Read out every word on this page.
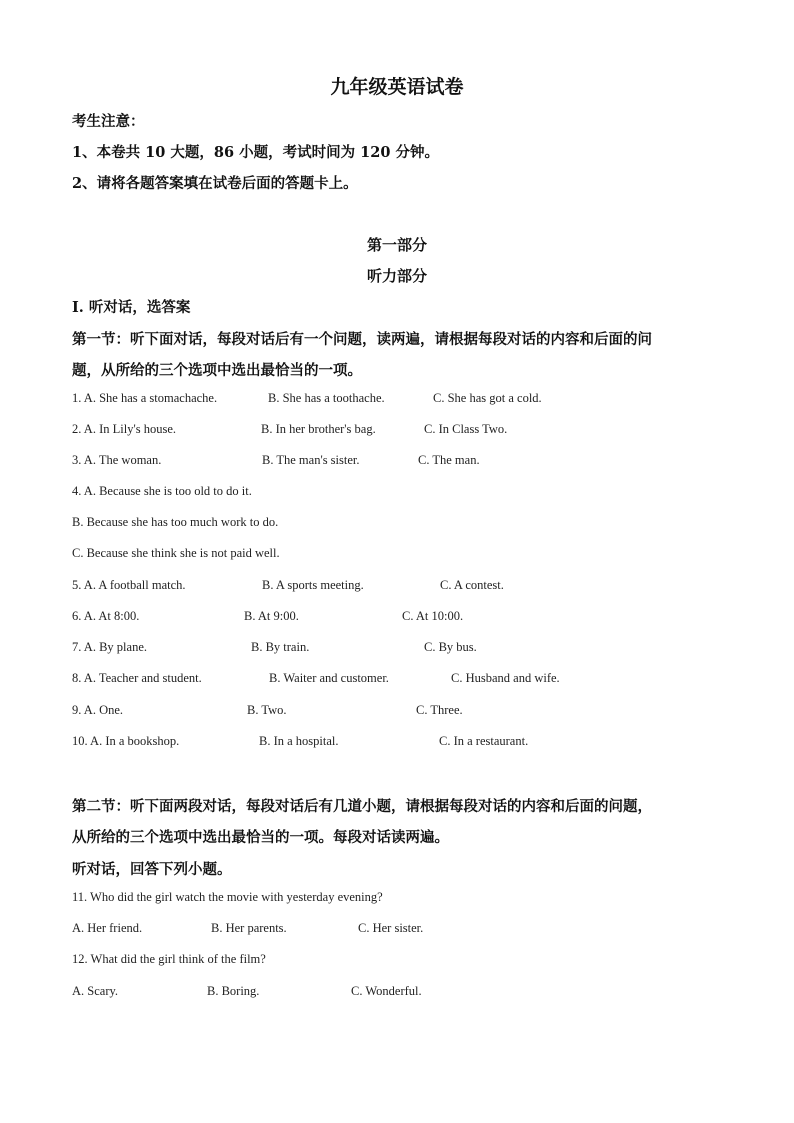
九年级英语试卷
考生注意：
1、本卷共 10 大题，86 小题，考试时间为 120 分钟。
2、请将各题答案填在试卷后面的答题卡上。
第一部分
听力部分
I. 听对话，选答案
第一节：听下面对话，每段对话后有一个问题，读两遍，请根据每段对话的内容和后面的问
题，从所给的三个选项中选出最恰当的一项。
1. A. She has a stomachache.	B. She has a toothache.	C. She has got a cold.
2. A. In Lily's house.	B. In her brother's bag.	C. In Class Two.
3. A. The woman.	B. The man's sister.	C. The man.
4. A. Because she is too old to do it.
B. Because she has too much work to do.
C. Because she think she is not paid well.
5. A. A football match.	B. A sports meeting.	C. A contest.
6. A. At 8:00.	B. At 9:00.	C. At 10:00.
7. A. By plane.	B. By train.	C. By bus.
8. A. Teacher and student.	B. Waiter and customer.	C. Husband and wife.
9. A. One.	B. Two.	C. Three.
10. A. In a bookshop.	B. In a hospital.	C. In a restaurant.
第二节：听下面两段对话，每段对话后有几道小题，请根据每段对话的内容和后面的问题，
从所给的三个选项中选出最恰当的一项。每段对话读两遍。
听对话，回答下列小题。
11. Who did the girl watch the movie with yesterday evening?
A. Her friend.	B. Her parents.	C. Her sister.
12. What did the girl think of the film?
A. Scary.	B. Boring.	C. Wonderful.
